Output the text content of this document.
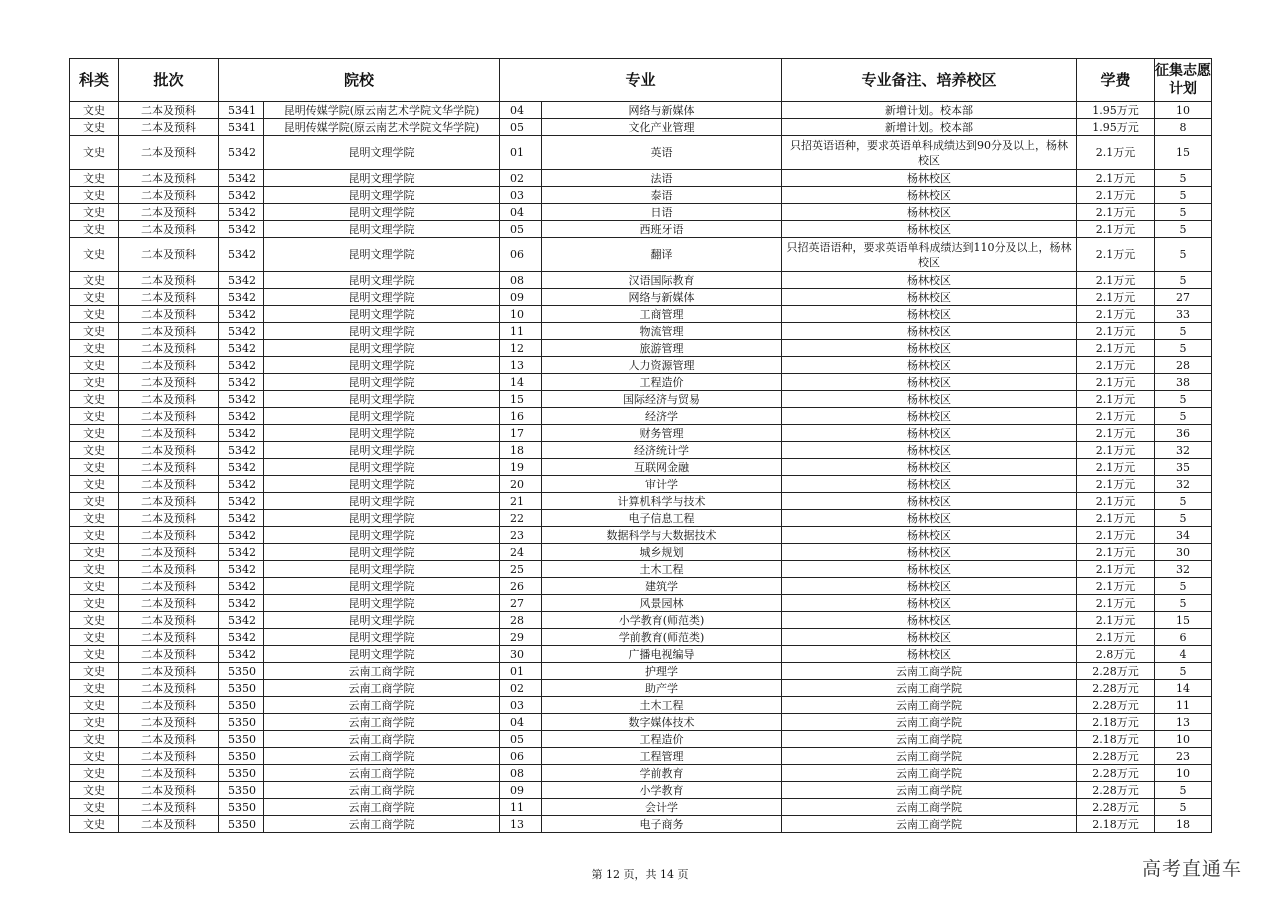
科类	批次	院校		专业		专业备注、培养校区	学费	征集志愿计划
文史	二本及预科	5341	昆明传媒学院(原云南艺术学院文华学院)	04	网络与新媒体	新增计划。校本部	1.95万元	10
文史	二本及预科	5341	昆明传媒学院(原云南艺术学院文华学院)	05	文化产业管理	新增计划。校本部	1.95万元	8
文史	二本及预科	5342	昆明文理学院	01	英语	只招英语语种，要求英语单科成绩达到90分及以上，杨林校区	2.1万元	15
文史	二本及预科	5342	昆明文理学院	02	法语	杨林校区	2.1万元	5
文史	二本及预科	5342	昆明文理学院	03	泰语	杨林校区	2.1万元	5
文史	二本及预科	5342	昆明文理学院	04	日语	杨林校区	2.1万元	5
文史	二本及预科	5342	昆明文理学院	05	西班牙语	杨林校区	2.1万元	5
文史	二本及预科	5342	昆明文理学院	06	翻译	只招英语语种，要求英语单科成绩达到110分及以上，杨林校区	2.1万元	5
文史	二本及预科	5342	昆明文理学院	08	汉语国际教育	杨林校区	2.1万元	5
文史	二本及预科	5342	昆明文理学院	09	网络与新媒体	杨林校区	2.1万元	27
文史	二本及预科	5342	昆明文理学院	10	工商管理	杨林校区	2.1万元	33
文史	二本及预科	5342	昆明文理学院	11	物流管理	杨林校区	2.1万元	5
文史	二本及预科	5342	昆明文理学院	12	旅游管理	杨林校区	2.1万元	5
文史	二本及预科	5342	昆明文理学院	13	人力资源管理	杨林校区	2.1万元	28
文史	二本及预科	5342	昆明文理学院	14	工程造价	杨林校区	2.1万元	38
文史	二本及预科	5342	昆明文理学院	15	国际经济与贸易	杨林校区	2.1万元	5
文史	二本及预科	5342	昆明文理学院	16	经济学	杨林校区	2.1万元	5
文史	二本及预科	5342	昆明文理学院	17	财务管理	杨林校区	2.1万元	36
文史	二本及预科	5342	昆明文理学院	18	经济统计学	杨林校区	2.1万元	32
文史	二本及预科	5342	昆明文理学院	19	互联网金融	杨林校区	2.1万元	35
文史	二本及预科	5342	昆明文理学院	20	审计学	杨林校区	2.1万元	32
文史	二本及预科	5342	昆明文理学院	21	计算机科学与技术	杨林校区	2.1万元	5
文史	二本及预科	5342	昆明文理学院	22	电子信息工程	杨林校区	2.1万元	5
文史	二本及预科	5342	昆明文理学院	23	数据科学与大数据技术	杨林校区	2.1万元	34
文史	二本及预科	5342	昆明文理学院	24	城乡规划	杨林校区	2.1万元	30
文史	二本及预科	5342	昆明文理学院	25	土木工程	杨林校区	2.1万元	32
文史	二本及预科	5342	昆明文理学院	26	建筑学	杨林校区	2.1万元	5
文史	二本及预科	5342	昆明文理学院	27	风景园林	杨林校区	2.1万元	5
文史	二本及预科	5342	昆明文理学院	28	小学教育(师范类)	杨林校区	2.1万元	15
文史	二本及预科	5342	昆明文理学院	29	学前教育(师范类)	杨林校区	2.1万元	6
文史	二本及预科	5342	昆明文理学院	30	广播电视编导	杨林校区	2.8万元	4
文史	二本及预科	5350	云南工商学院	01	护理学	云南工商学院	2.28万元	5
文史	二本及预科	5350	云南工商学院	02	助产学	云南工商学院	2.28万元	14
文史	二本及预科	5350	云南工商学院	03	土木工程	云南工商学院	2.28万元	11
文史	二本及预科	5350	云南工商学院	04	数字媒体技术	云南工商学院	2.18万元	13
文史	二本及预科	5350	云南工商学院	05	工程造价	云南工商学院	2.18万元	10
文史	二本及预科	5350	云南工商学院	06	工程管理	云南工商学院	2.28万元	23
文史	二本及预科	5350	云南工商学院	08	学前教育	云南工商学院	2.28万元	10
文史	二本及预科	5350	云南工商学院	09	小学教育	云南工商学院	2.28万元	5
文史	二本及预科	5350	云南工商学院	11	会计学	云南工商学院	2.28万元	5
文史	二本及预科	5350	云南工商学院	13	电子商务	云南工商学院	2.18万元	18
第 12 页，共 14 页	高考直通车
